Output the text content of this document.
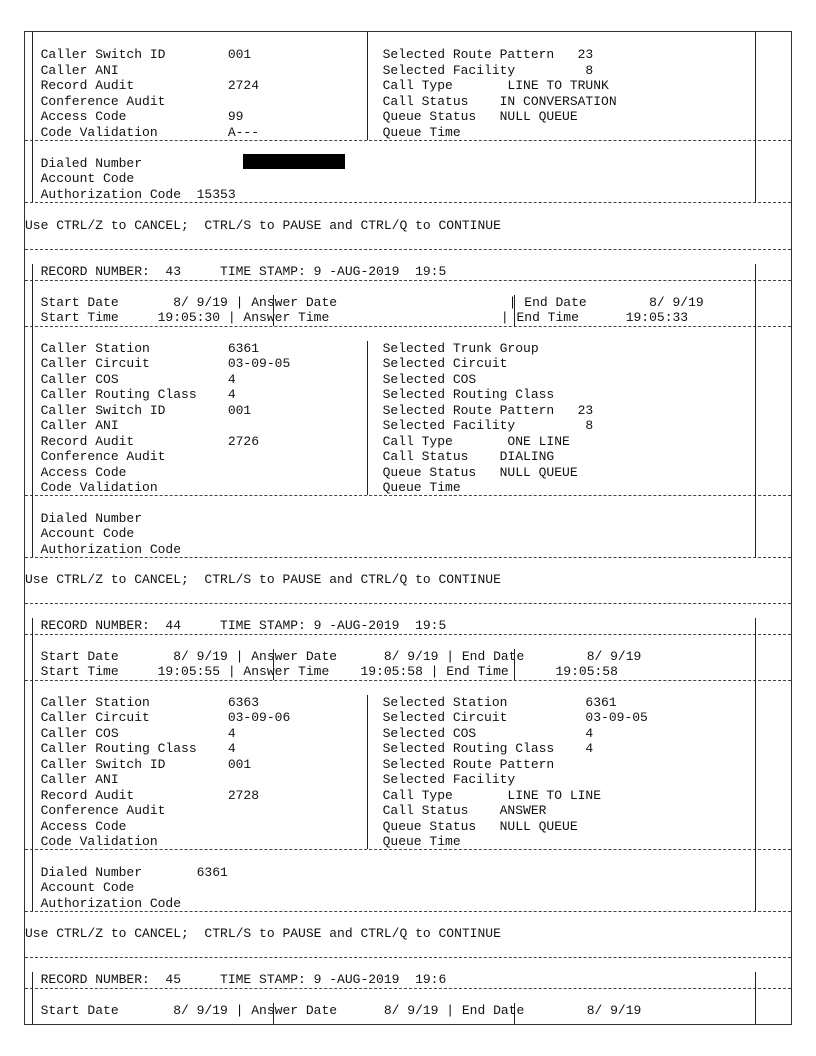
Caller Switch ID        001	Selected Route Pattern   23
Caller ANI	Selected Facility         8
Record Audit            2724	Call Type       LINE TO TRUNK
Conference Audit	Call Status    IN CONVERSATION
Access Code             99	Queue Status   NULL QUEUE
Code Validation         A---	Queue Time
Dialed Number
Account Code
Authorization Code  15353
Use CTRL/Z to CANCEL;  CTRL/S to PAUSE and CTRL/Q to CONTINUE
RECORD NUMBER:  43     TIME STAMP: 9 -AUG-2019  19:5
Start Date       8/ 9/19 | Answer Date                      | End Date        8/ 9/19
Start Time     19:05:30 | Answer Time                      | End Time      19:05:33
Caller Station          6361	Selected Trunk Group
Caller Circuit          03-09-05	Selected Circuit
Caller COS              4	Selected COS
Caller Routing Class    4	Selected Routing Class
Caller Switch ID        001	Selected Route Pattern   23
Caller ANI	Selected Facility         8
Record Audit            2726	Call Type       ONE LINE
Conference Audit	Call Status    DIALING
Access Code	Queue Status   NULL QUEUE
Code Validation	Queue Time
Dialed Number
Account Code
Authorization Code
Use CTRL/Z to CANCEL;  CTRL/S to PAUSE and CTRL/Q to CONTINUE
RECORD NUMBER:  44     TIME STAMP: 9 -AUG-2019  19:5
Start Date       8/ 9/19 | Answer Date      8/ 9/19 | End Date        8/ 9/19
Start Time     19:05:55 | Answer Time    19:05:58 | End Time      19:05:58
Caller Station          6363	Selected Station          6361
Caller Circuit          03-09-06	Selected Circuit          03-09-05
Caller COS              4	Selected COS              4
Caller Routing Class    4	Selected Routing Class    4
Caller Switch ID        001	Selected Route Pattern
Caller ANI	Selected Facility
Record Audit            2728	Call Type       LINE TO LINE
Conference Audit	Call Status    ANSWER
Access Code	Queue Status   NULL QUEUE
Code Validation	Queue Time
Dialed Number       6361
Account Code
Authorization Code
Use CTRL/Z to CANCEL;  CTRL/S to PAUSE and CTRL/Q to CONTINUE
RECORD NUMBER:  45     TIME STAMP: 9 -AUG-2019  19:6
Start Date       8/ 9/19 | Answer Date      8/ 9/19 | End Date        8/ 9/19
